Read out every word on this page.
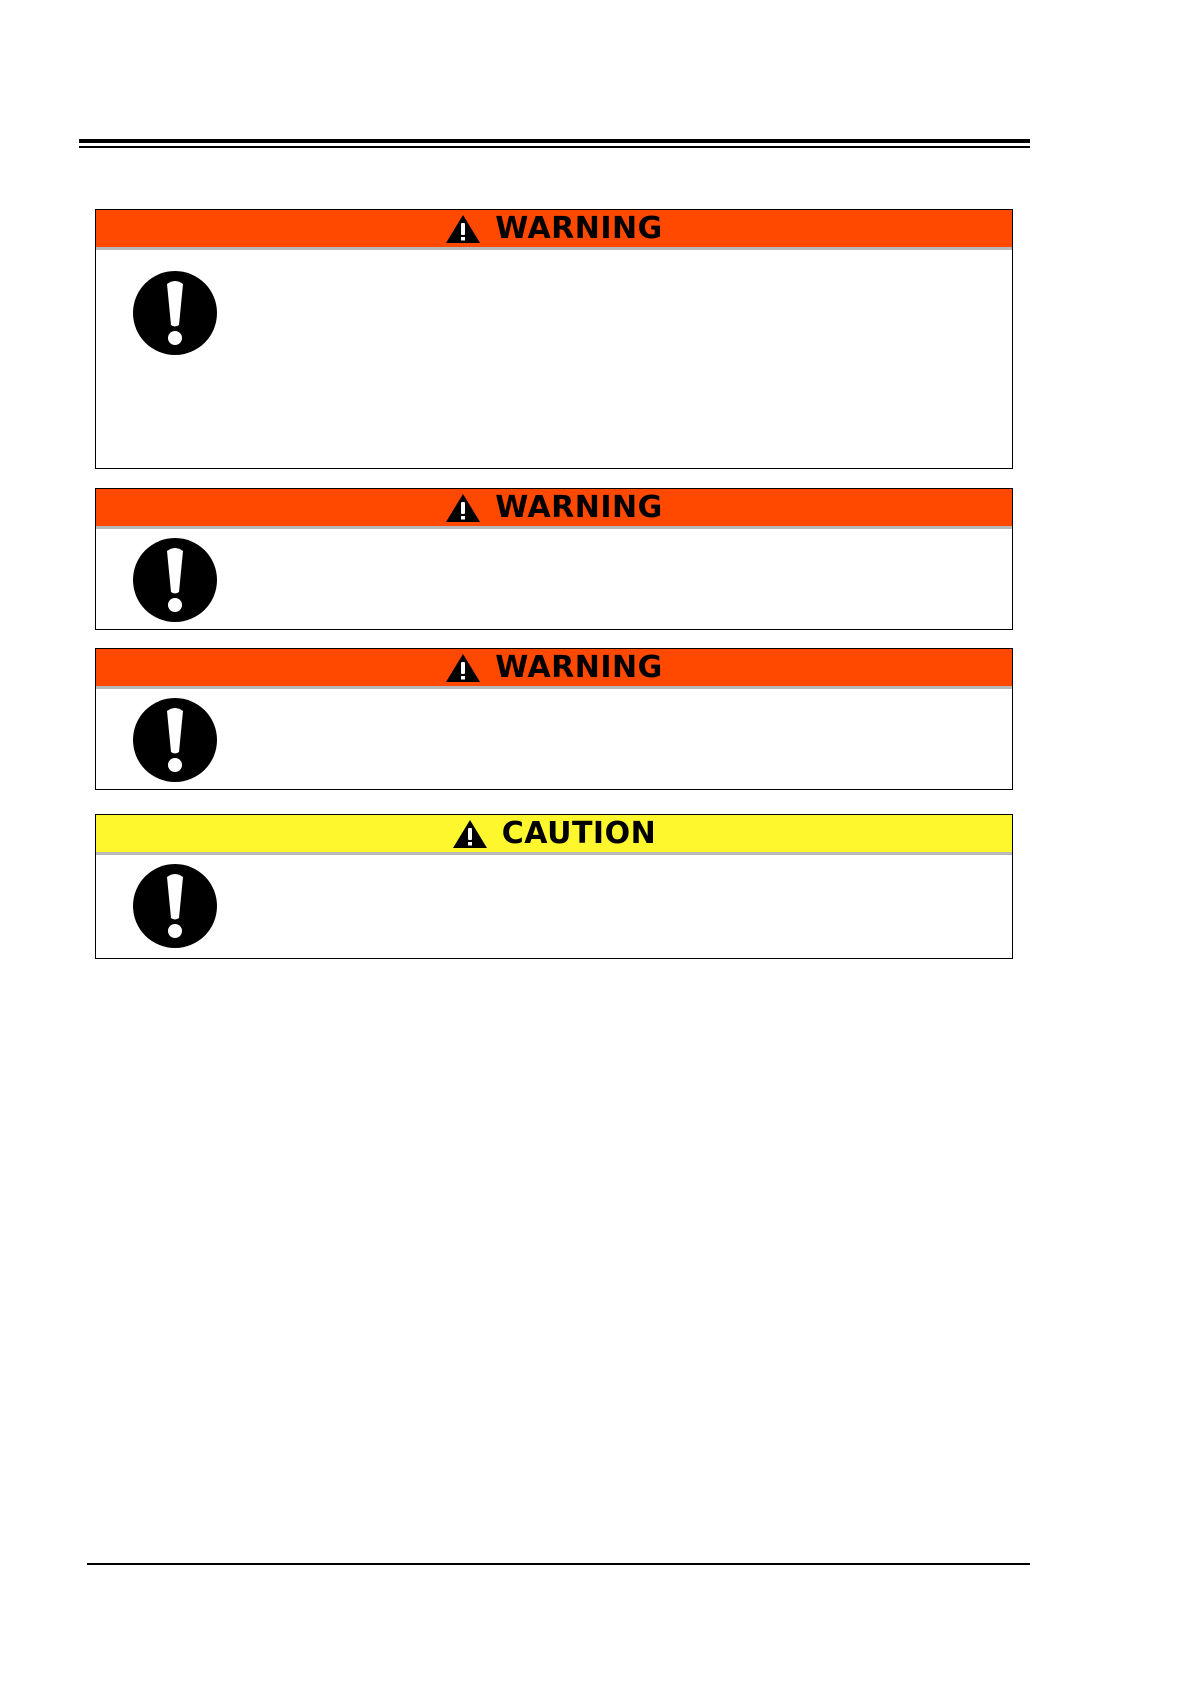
WARNING
WARNING
WARNING
CAUTION
